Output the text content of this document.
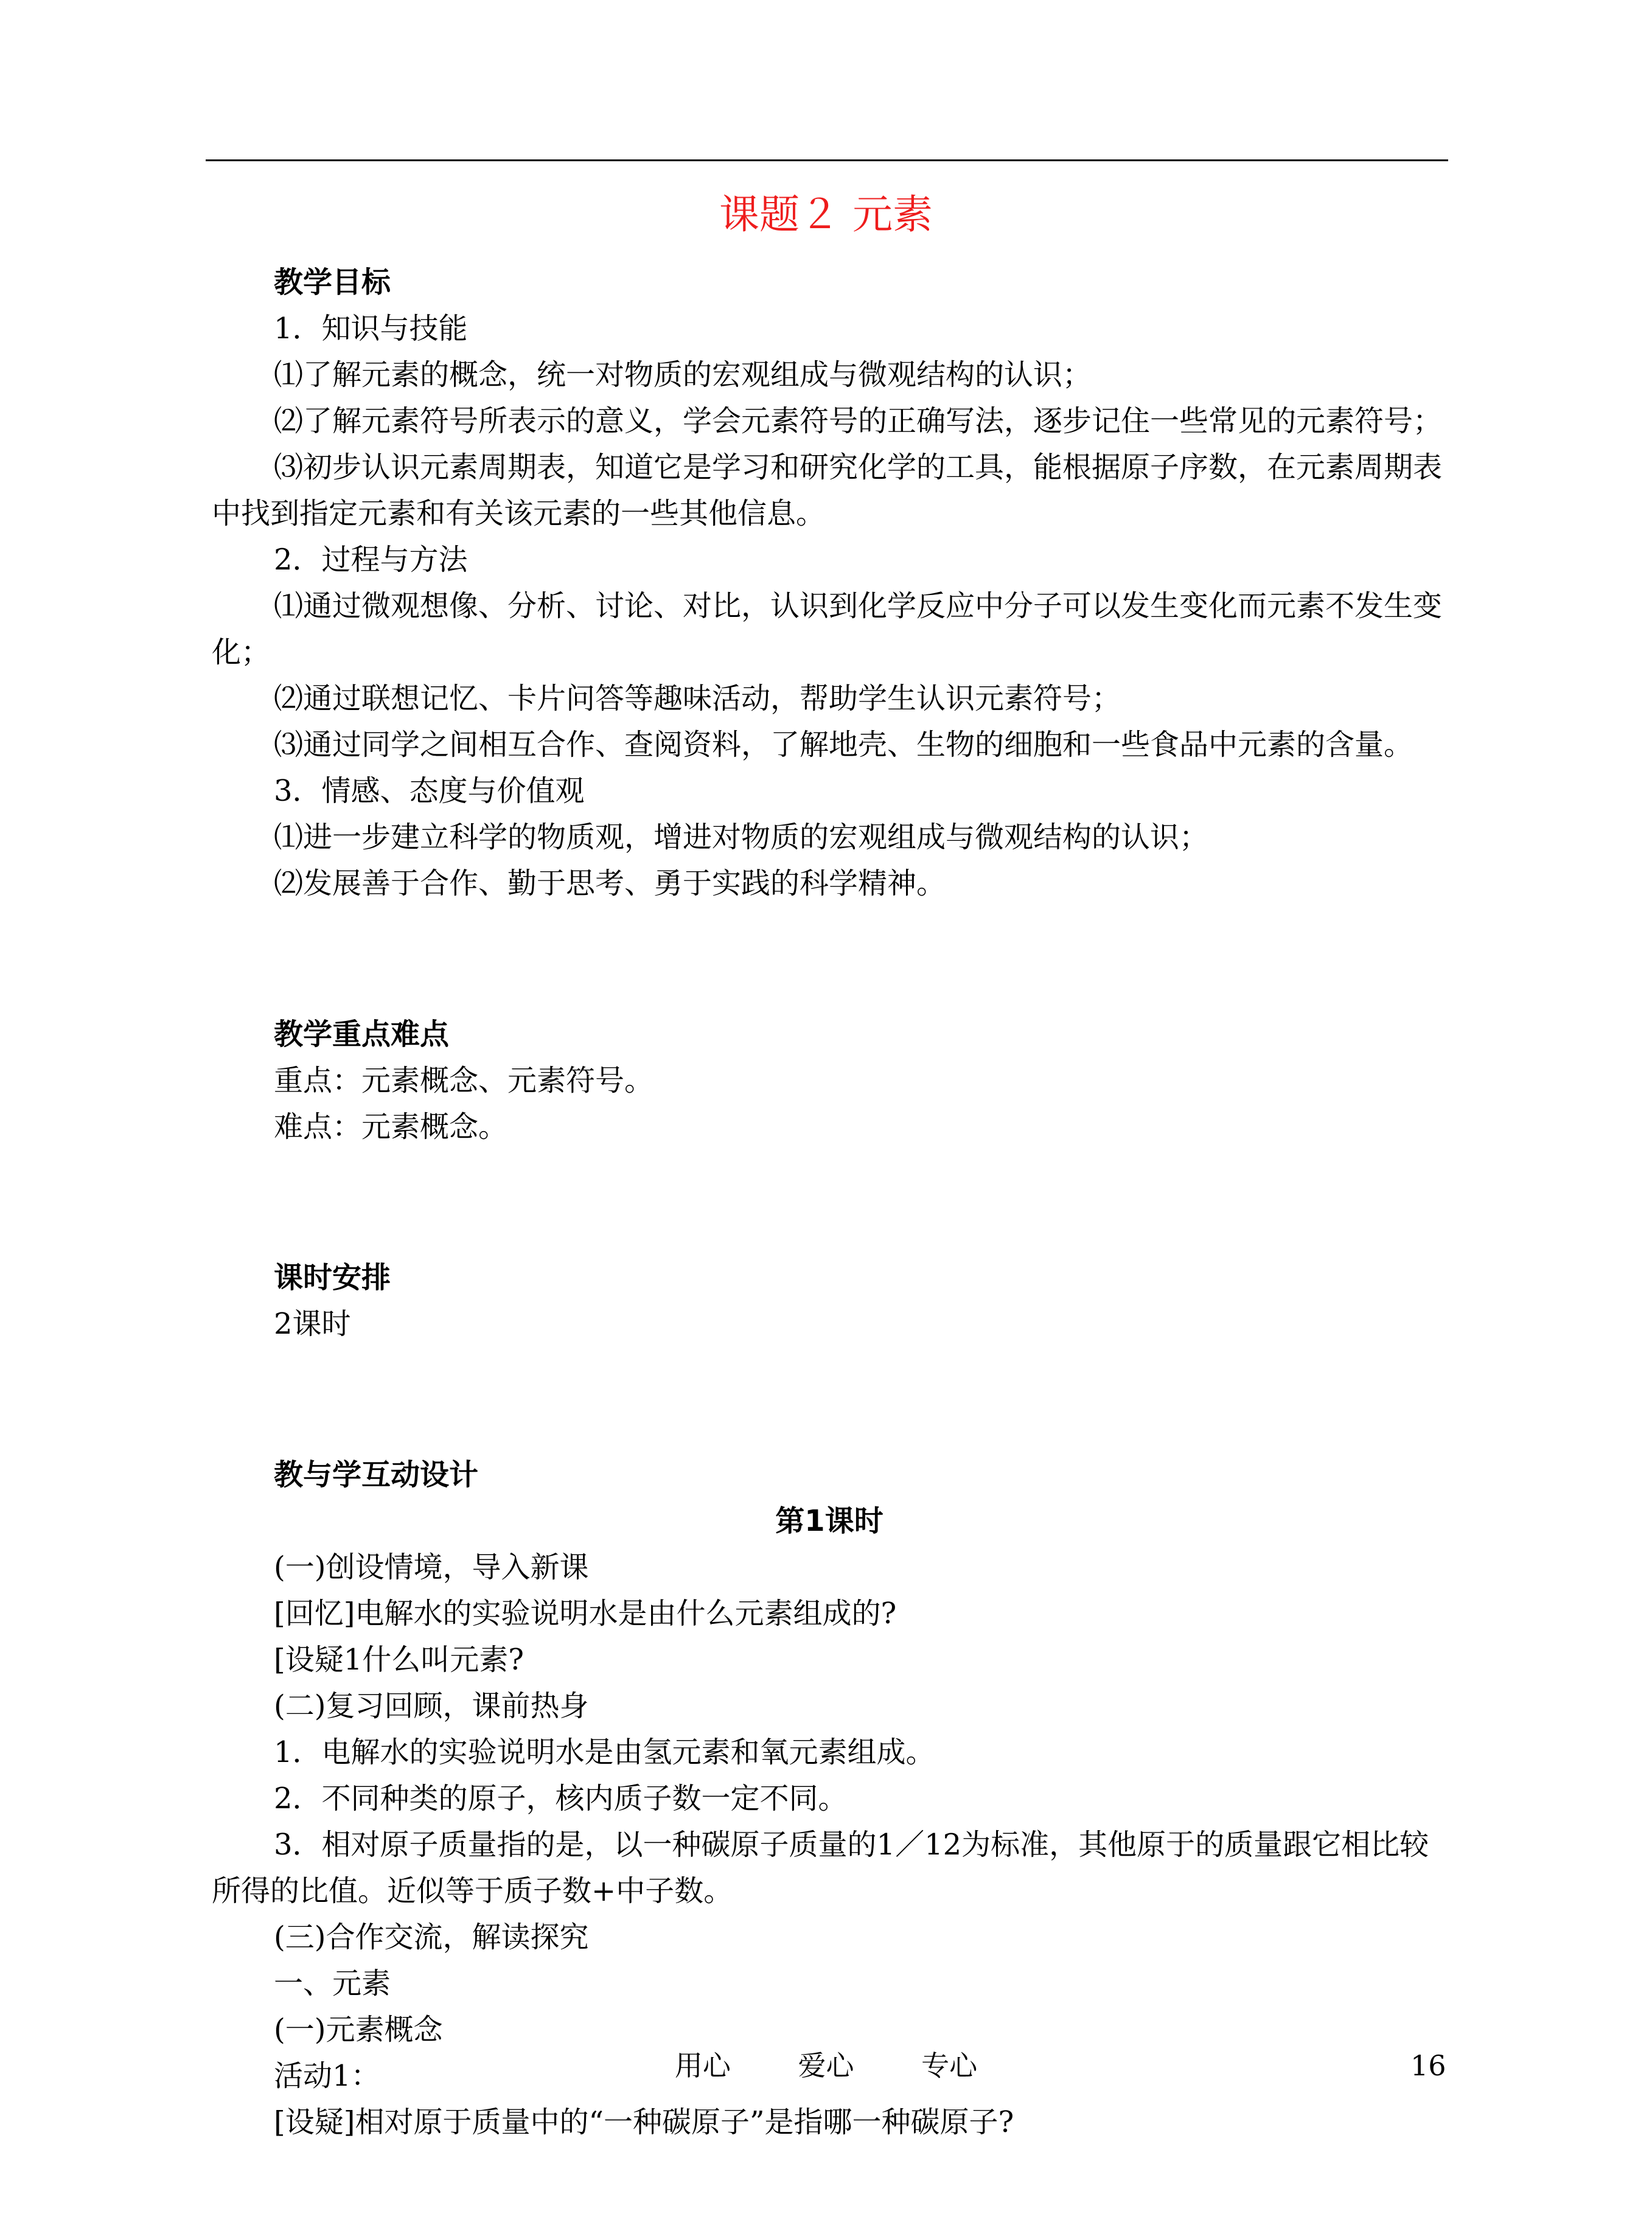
课题２ 元素

教学目标

1．知识与技能

⑴了解元素的概念，统一对物质的宏观组成与微观结构的认识；

⑵了解元素符号所表示的意义，学会元素符号的正确写法，逐步记住一些常见的元素符号；

⑶初步认识元素周期表，知道它是学习和研究化学的工具，能根据原子序数，在元素周期表中找到指定元素和有关该元素的一些其他信息。

2．过程与方法

⑴通过微观想像、分析、讨论、对比，认识到化学反应中分子可以发生变化而元素不发生变化；

⑵通过联想记忆、卡片问答等趣味活动，帮助学生认识元素符号；

⑶通过同学之间相互合作、查阅资料，了解地壳、生物的细胞和一些食品中元素的含量。

3．情感、态度与价值观

⑴进一步建立科学的物质观，增进对物质的宏观组成与微观结构的认识；

⑵发展善于合作、勤于思考、勇于实践的科学精神。

教学重点难点

重点：元素概念、元素符号。

难点：元素概念。

课时安排

2课时

教与学互动设计

第1课时

(一)创设情境，导入新课

[回忆]电解水的实验说明水是由什么元素组成的?

[设疑1什么叫元素?

(二)复习回顾，课前热身

1．电解水的实验说明水是由氢元素和氧元素组成。

2．不同种类的原子，核内质子数一定不同。

3．相对原子质量指的是，以一种碳原子质量的1／12为标准，其他原于的质量跟它相比较所得的比值。近似等于质子数+中子数。

(三)合作交流，解读探究

一、元素

(一)元素概念

活动1：

[设疑]相对原于质量中的“一种碳原子”是指哪一种碳原子?

用心 爱心 专心	16
